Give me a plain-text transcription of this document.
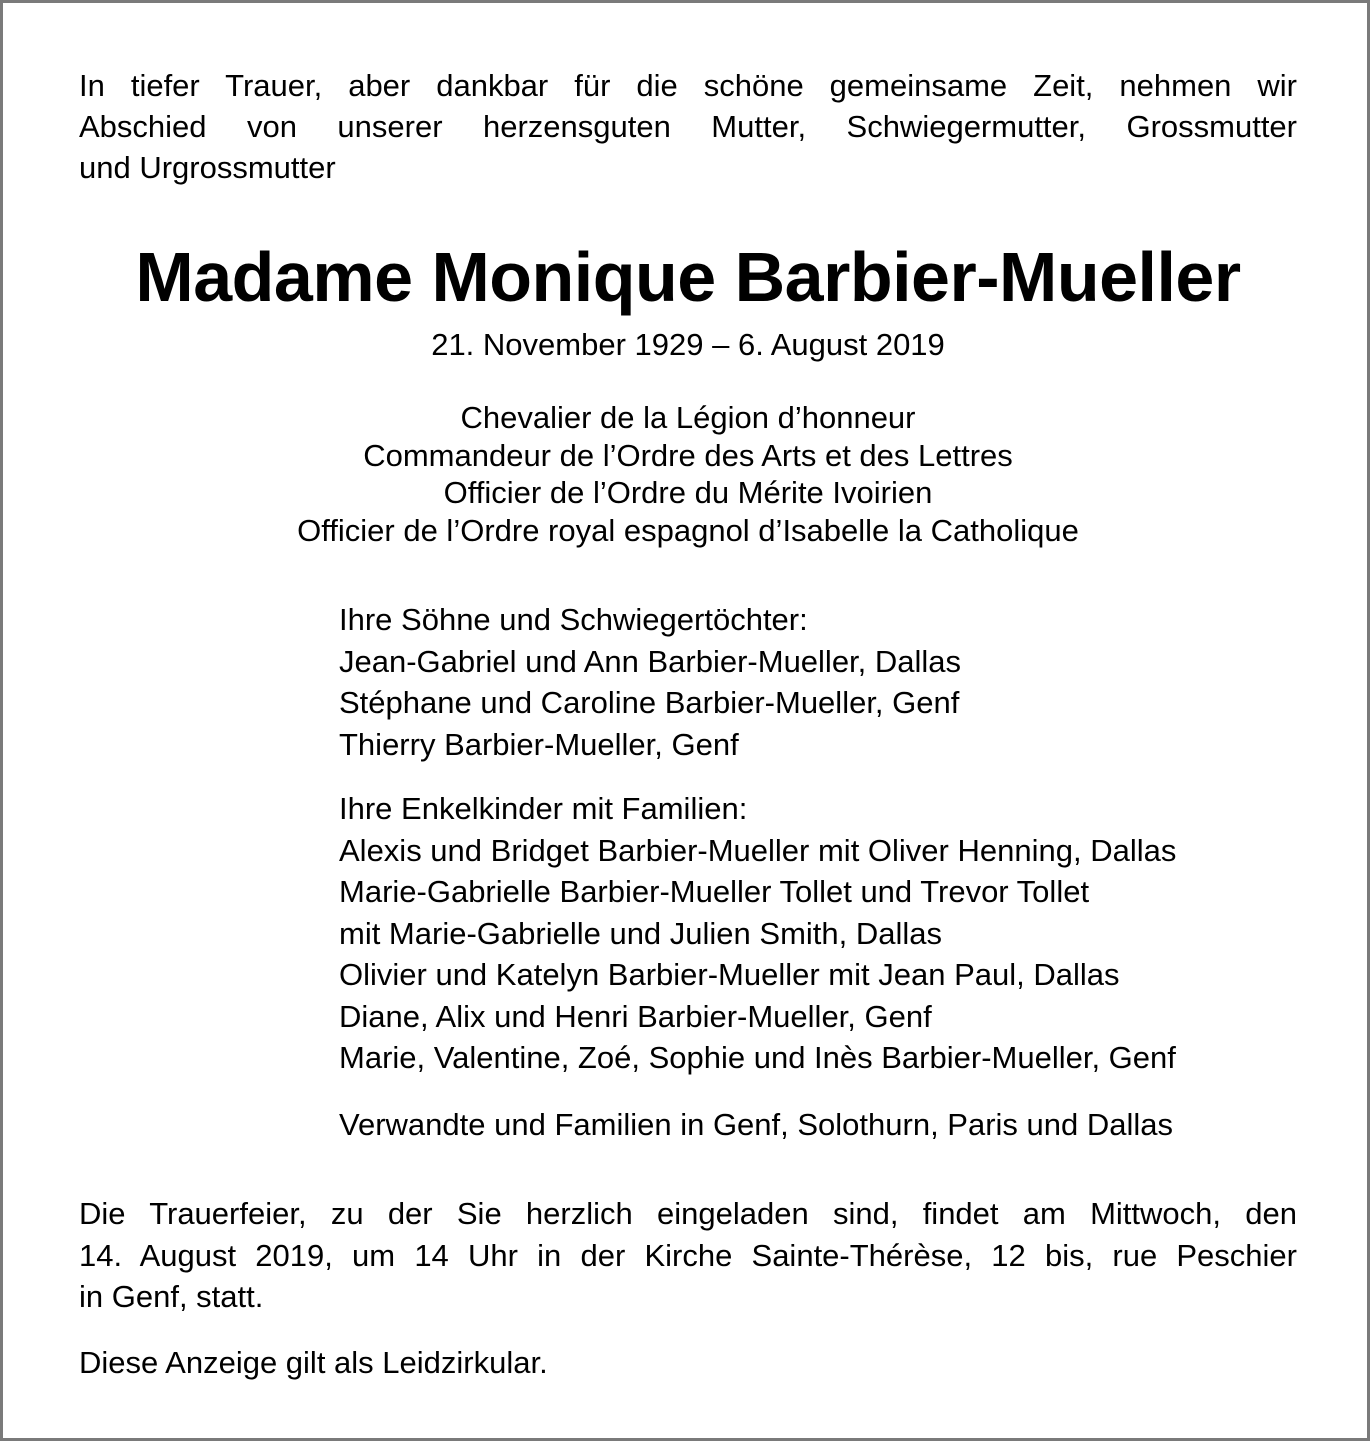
In tiefer Trauer, aber dankbar für die schöne gemeinsame Zeit, nehmen wir
Abschied von unserer herzensguten Mutter, Schwiegermutter, Grossmutter
und Urgrossmutter

Madame Monique Barbier-Mueller

21. November 1929 – 6. August 2019

Chevalier de la Légion d’honneur
Commandeur de l’Ordre des Arts et des Lettres
Officier de l’Ordre du Mérite Ivoirien
Officier de l’Ordre royal espagnol d’Isabelle la Catholique
Ihre Söhne und Schwiegertöchter:
Jean-Gabriel und Ann Barbier-Mueller, Dallas
Stéphane und Caroline Barbier-Mueller, Genf
Thierry Barbier-Mueller, Genf
Ihre Enkelkinder mit Familien:
Alexis und Bridget Barbier-Mueller mit Oliver Henning, Dallas
Marie-Gabrielle Barbier-Mueller Tollet und Trevor Tollet
mit Marie-Gabrielle und Julien Smith, Dallas
Olivier und Katelyn Barbier-Mueller mit Jean Paul, Dallas
Diane, Alix und Henri Barbier-Mueller, Genf
Marie, Valentine, Zoé, Sophie und Inès Barbier-Mueller, Genf

Verwandte und Familien in Genf, Solothurn, Paris und Dallas

Die Trauerfeier, zu der Sie herzlich eingeladen sind, findet am Mittwoch, den
14. August 2019, um 14 Uhr in der Kirche Sainte-Thérèse, 12 bis, rue Peschier
in Genf, statt.

Diese Anzeige gilt als Leidzirkular.
